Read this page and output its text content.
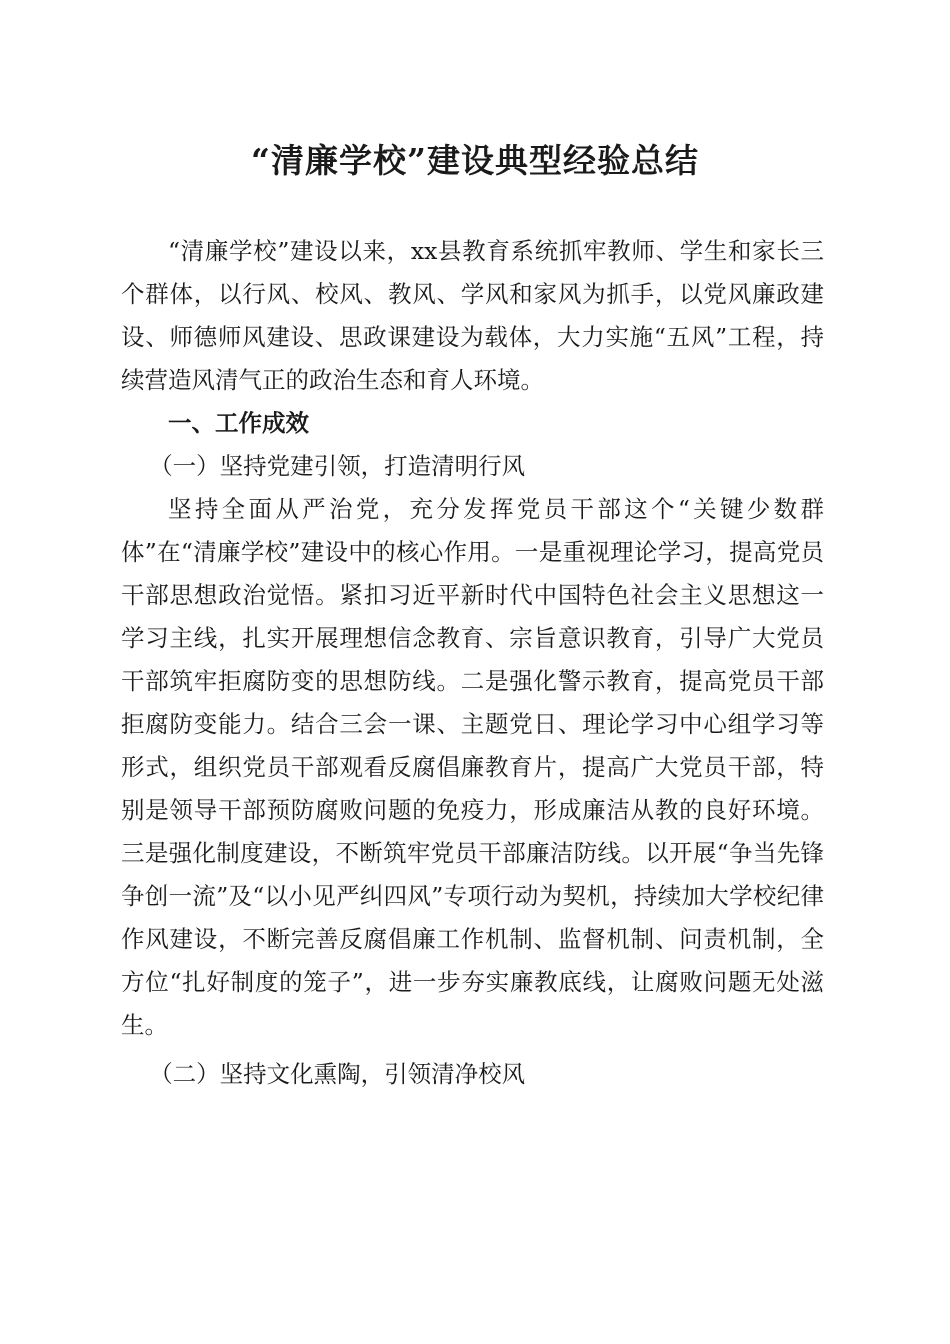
“清廉学校”建设典型经验总结

“清廉学校”建设以来，xx县教育系统抓牢教师、学生和家长三个群体，以行风、校风、教风、学风和家风为抓手，以党风廉政建设、师德师风建设、思政课建设为载体，大力实施“五风”工程，持续营造风清气正的政治生态和育人环境。

一、工作成效
（一）坚持党建引领，打造清明行风

坚持全面从严治党，充分发挥党员干部这个“关键少数群体”在“清廉学校”建设中的核心作用。一是重视理论学习，提高党员干部思想政治觉悟。紧扣习近平新时代中国特色社会主义思想这一学习主线，扎实开展理想信念教育、宗旨意识教育，引导广大党员干部筑牢拒腐防变的思想防线。二是强化警示教育，提高党员干部拒腐防变能力。结合三会一课、主题党日、理论学习中心组学习等形式，组织党员干部观看反腐倡廉教育片，提高广大党员干部，特别是领导干部预防腐败问题的免疫力，形成廉洁从教的良好环境。三是强化制度建设，不断筑牢党员干部廉洁防线。以开展“争当先锋争创一流”及“以小见严纠四风”专项行动为契机，持续加大学校纪律作风建设，不断完善反腐倡廉工作机制、监督机制、问责机制，全方位“扎好制度的笼子”，进一步夯实廉教底线，让腐败问题无处滋生。

（二）坚持文化熏陶，引领清净校风
